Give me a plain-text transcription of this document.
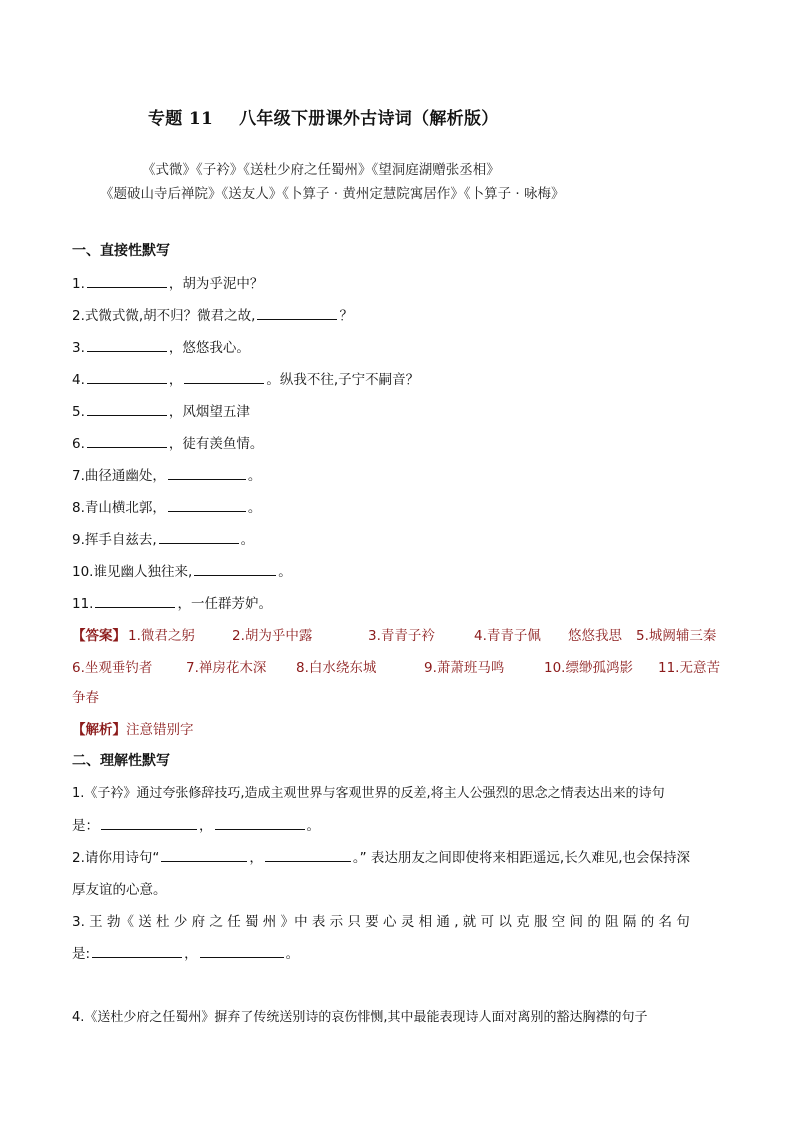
专题 11 八年级下册课外古诗词（解析版）
《式微》《子衿》《送杜少府之任蜀州》《望洞庭湖赠张丞相》
《题破山寺后禅院》《送友人》《卜算子 · 黄州定慧院寓居作》《卜算子 · 咏梅》
一、直接性默写
1.	，胡为乎泥中？
2.式微式微,胡不归？微君之故,	？
3.	，悠悠我心。
4.	，	。纵我不往,子宁不嗣音？
5.	，风烟望五津
6.	，徒有羡鱼情。
7.曲径通幽处，	。
8.青山横北郭，	。
9.挥手自兹去,	。
10.谁见幽人独往来,	。
11.	，一任群芳妒。
【答案】 1.微君之躬	2.胡为乎中露	3.青青子衿	4.青青子佩 悠悠我思 5.城阙辅三秦
6.坐观垂钓者 7.禅房花木深 8.白水绕东城	9.萧萧班马鸣	10.缥缈孤鸿影 11.无意苦
争春
【解析】注意错别字
二、理解性默写
1.《子衿》通过夸张修辞技巧,造成主观世界与客观世界的反差,将主人公强烈的思念之情表达出来的诗句
是：	，	。
2.请你用诗句“	，	。” 表达朋友之间即使将来相距遥远,长久难见,也会保持深
厚友谊的心意。
3. 王 勃《 送 杜 少 府 之 任 蜀 州 》中 表 示 只 要 心 灵 相 通 , 就 可 以 克 服 空 间 的 阻 隔 的 名 句
是:	，	。
4.《送杜少府之任蜀州》摒弃了传统送别诗的哀伤悱恻,其中最能表现诗人面对离别的豁达胸襟的句子
